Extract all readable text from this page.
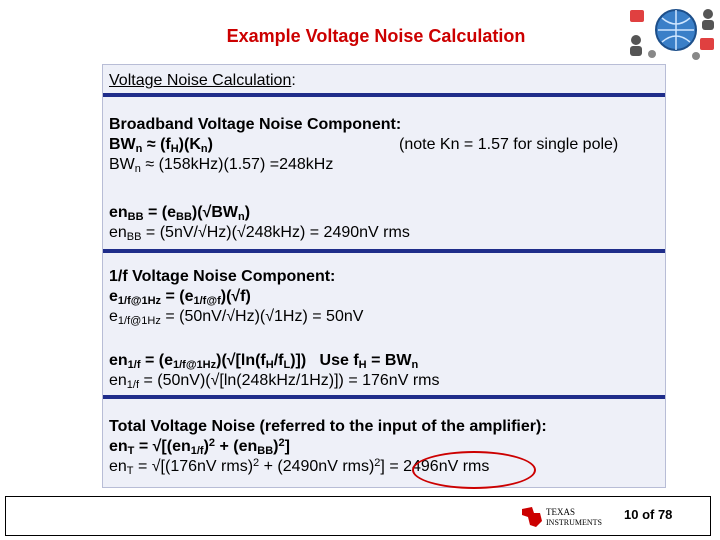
Example Voltage Noise Calculation
Voltage Noise Calculation:
Broadband Voltage Noise Component:
$BW_n \approx (f_H)(K_n)$	(note Kn = 1.57 for single pole)
$BW_n \approx (158kHz)(1.57) =248kHz$
$en_{BB} = (e_{BB})(√BW_n)$
$en_{BB} = (5nV/√Hz)(√248kHz) = 2490nV$ rms
1/f Voltage Noise Component:
$e_{1/f@1Hz} = (e_{1/f@f})(√f)$
$e_{1/f@1Hz} = (50nV/√Hz)(√1Hz) = 50nV$
$en_{1/f} = (e_{1/f@1Hz})(√[\ln(f_H/f_L)])$   Use $f_H = BW_n$
$en_{1/f} = (50nV)(√[\ln(248kHz/1Hz)]) = 176nV$ rms
Total Voltage Noise (referred to the input of the amplifier):
$en_T = √[(en_{1/f})^2 + (en_{BB})^2]$
$en_T = √[(176nV$ rms)$^2$ + (2490nV rms)$^2$] = 2496nV rms
TEXAS
INSTRUMENTS
10 of 78
